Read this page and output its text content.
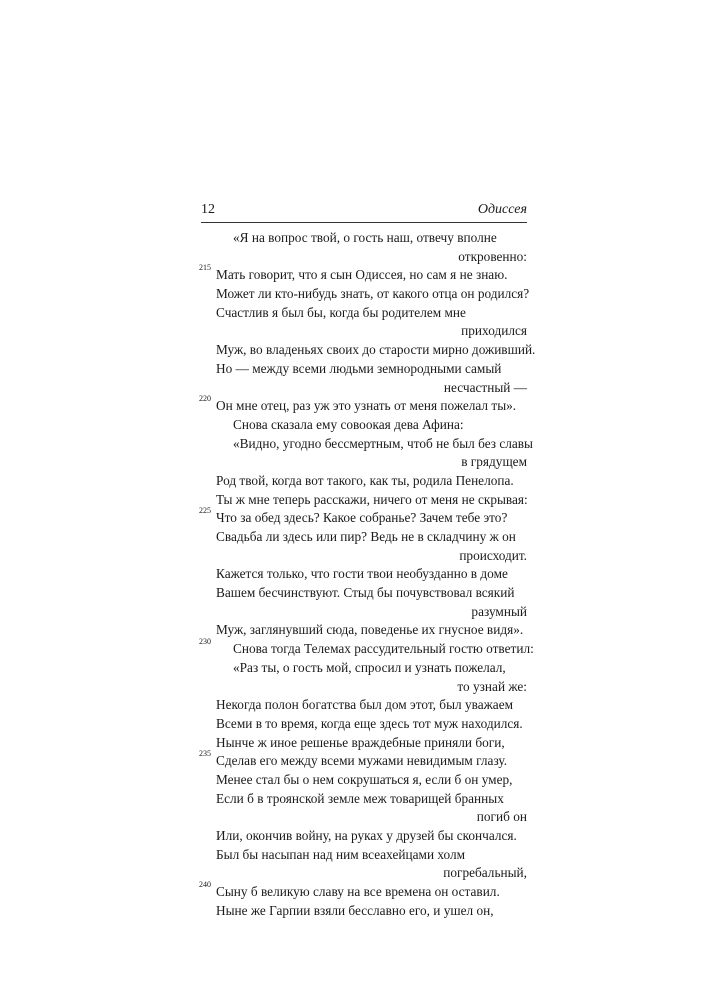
12	Одиссея
«Я на вопрос твой, о гость наш, отвечу вполне
откровенно:
215 Мать говорит, что я сын Одиссея, но сам я не знаю.
Может ли кто-нибудь знать, от какого отца он родился?
Счастлив я был бы, когда бы родителем мне
приходился
Муж, во владеньях своих до старости мирно доживший.
Но — между всеми людьми земнородными самый
несчастный —
220 Он мне отец, раз уж это узнать от меня пожелал ты».
Снова сказала ему совоокая дева Афина:
«Видно, угодно бессмертным, чтоб не был без славы
в грядущем
Род твой, когда вот такого, как ты, родила Пенелопа.
Ты ж мне теперь расскажи, ничего от меня не скрывая:
225 Что за обед здесь? Какое собранье? Зачем тебе это?
Свадьба ли здесь или пир? Ведь не в складчину ж он
происходит.
Кажется только, что гости твои необузданно в доме
Вашем бесчинствуют. Стыд бы почувствовал всякий
разумный
Муж, заглянувший сюда, поведенье их гнусное видя».
230 Снова тогда Телемах рассудительный гостю ответил:
«Раз ты, о гость мой, спросил и узнать пожелал,
то узнай же:
Некогда полон богатства был дом этот, был уважаем
Всеми в то время, когда еще здесь тот муж находился.
Нынче ж иное решенье враждебные приняли боги,
235 Сделав его между всеми мужами невидимым глазу.
Менее стал бы о нем сокрушаться я, если б он умер,
Если б в троянской земле меж товарищей бранных
погиб он
Или, окончив войну, на руках у друзей бы скончался.
Был бы насыпан над ним всеахейцами холм
погребальный,
240 Сыну б великую славу на все времена он оставил.
Ныне же Гарпии взяли бесславно его, и ушел он,
